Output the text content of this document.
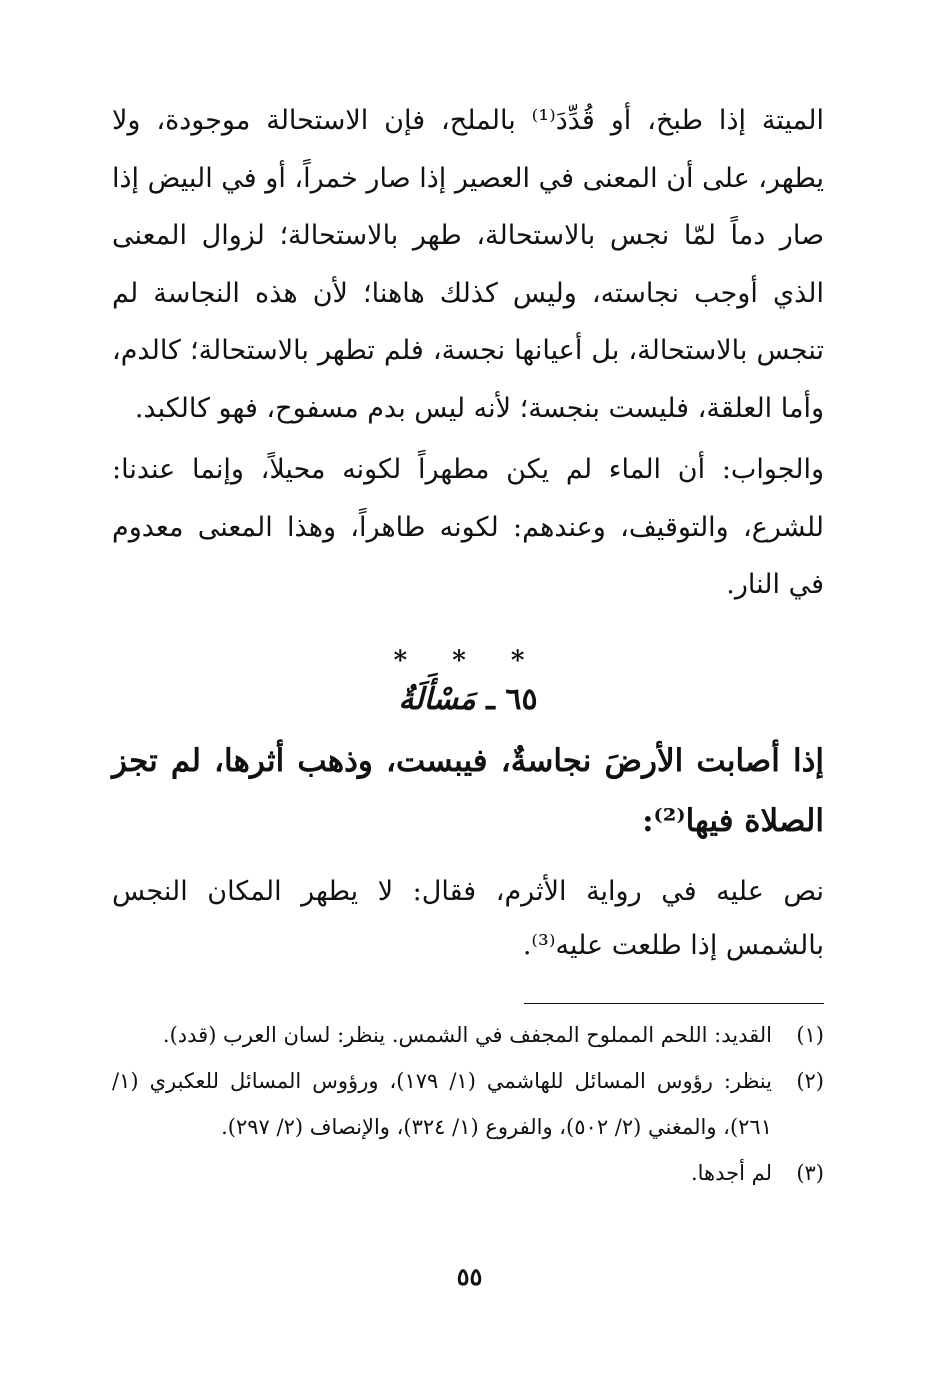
الميتة إذا طبخ، أو قُدِّدَ⁽¹⁾ بالملح، فإن الاستحالة موجودة، ولا يطهر، على أن المعنى في العصير إذا صار خمراً، أو في البيض إذا صار دماً لمّا نجس بالاستحالة، طهر بالاستحالة؛ لزوال المعنى الذي أوجب نجاسته، وليس كذلك هاهنا؛ لأن هذه النجاسة لم تنجس بالاستحالة، بل أعيانها نجسة، فلم تطهر بالاستحالة؛ كالدم، وأما العلقة، فليست بنجسة؛ لأنه ليس بدم مسفوح، فهو كالكبد.

والجواب: أن الماء لم يكن مطهراً لكونه محيلاً، وإنما عندنا: للشرع، والتوقيف، وعندهم: لكونه طاهراً، وهذا المعنى معدوم في النار.

* * *
٦٥ ـ مَسْأَلَةٌ

إذا أصابت الأرضَ نجاسةٌ، فيبست، وذهب أثرها، لم تجز الصلاة فيها⁽²⁾:

نص عليه في رواية الأثرم، فقال: لا يطهر المكان النجس بالشمس إذا طلعت عليه⁽³⁾.

(١)
القديد: اللحم المملوح المجفف في الشمس. ينظر: لسان العرب (قدد).
(٢)
ينظر: رؤوس المسائل للهاشمي (١/ ١٧٩)، ورؤوس المسائل للعكبري (١/ ٢٦١)، والمغني (٢/ ٥٠٢)، والفروع (١/ ٣٢٤)، والإنصاف (٢/ ٢٩٧).
(٣)
لم أجدها.
٥٥
